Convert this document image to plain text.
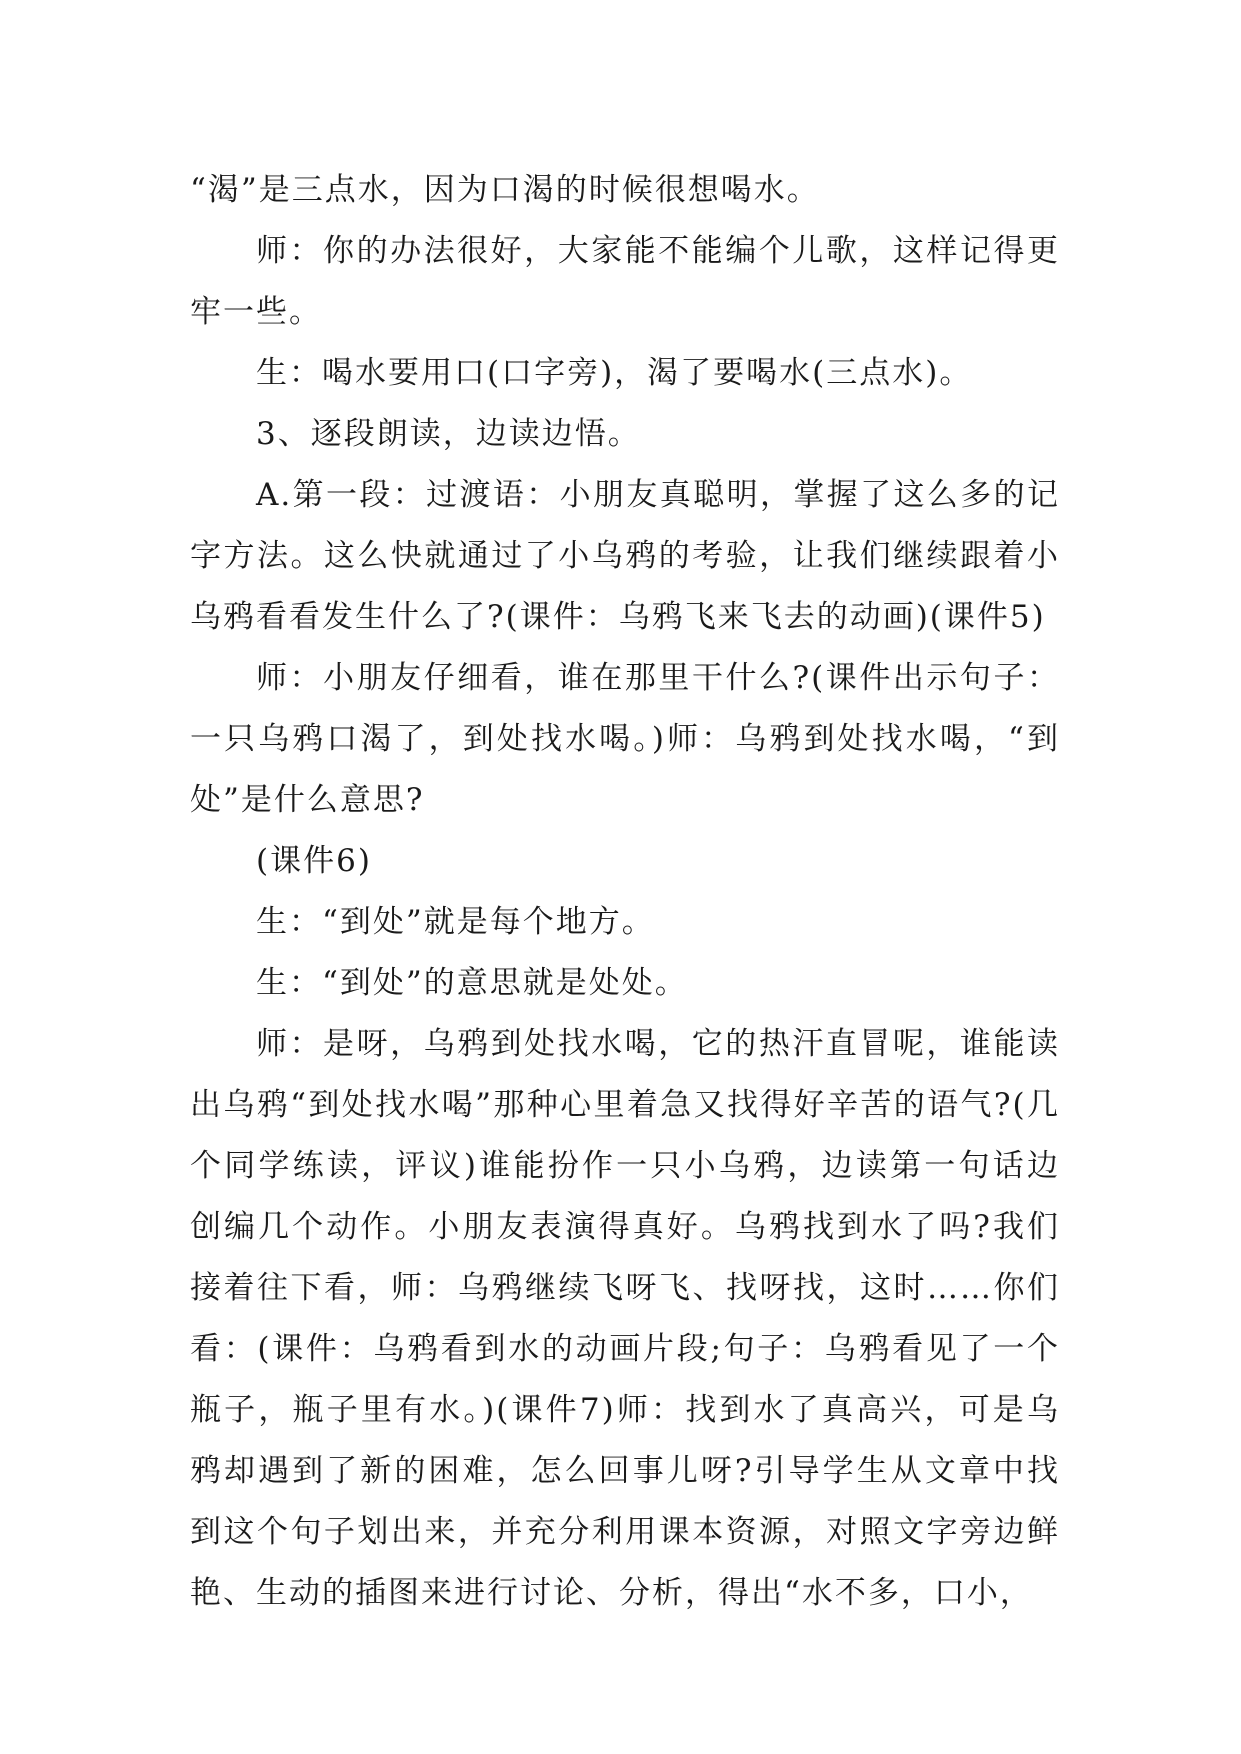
“渴”是三点水，因为口渴的时候很想喝水。

师：你的办法很好，大家能不能编个儿歌，这样记得更牢一些。

生：喝水要用口(口字旁)，渴了要喝水(三点水)。

3、逐段朗读，边读边悟。

A.第一段：过渡语：小朋友真聪明，掌握了这么多的记字方法。这么快就通过了小乌鸦的考验，让我们继续跟着小乌鸦看看发生什么了?(课件：乌鸦飞来飞去的动画)(课件5)

师：小朋友仔细看，谁在那里干什么?(课件出示句子：一只乌鸦口渴了，到处找水喝。)师：乌鸦到处找水喝，“到处”是什么意思?

(课件6)

生：“到处”就是每个地方。

生：“到处”的意思就是处处。

师：是呀，乌鸦到处找水喝，它的热汗直冒呢，谁能读出乌鸦“到处找水喝”那种心里着急又找得好辛苦的语气?(几个同学练读，评议)谁能扮作一只小乌鸦，边读第一句话边创编几个动作。小朋友表演得真好。乌鸦找到水了吗?我们接着往下看，师：乌鸦继续飞呀飞、找呀找，这时……你们看：(课件：乌鸦看到水的动画片段;句子：乌鸦看见了一个瓶子，瓶子里有水。)(课件7)师：找到水了真高兴，可是乌鸦却遇到了新的困难，怎么回事儿呀?引导学生从文章中找到这个句子划出来，并充分利用课本资源，对照文字旁边鲜艳、生动的插图来进行讨论、分析，得出“水不多，口小，
